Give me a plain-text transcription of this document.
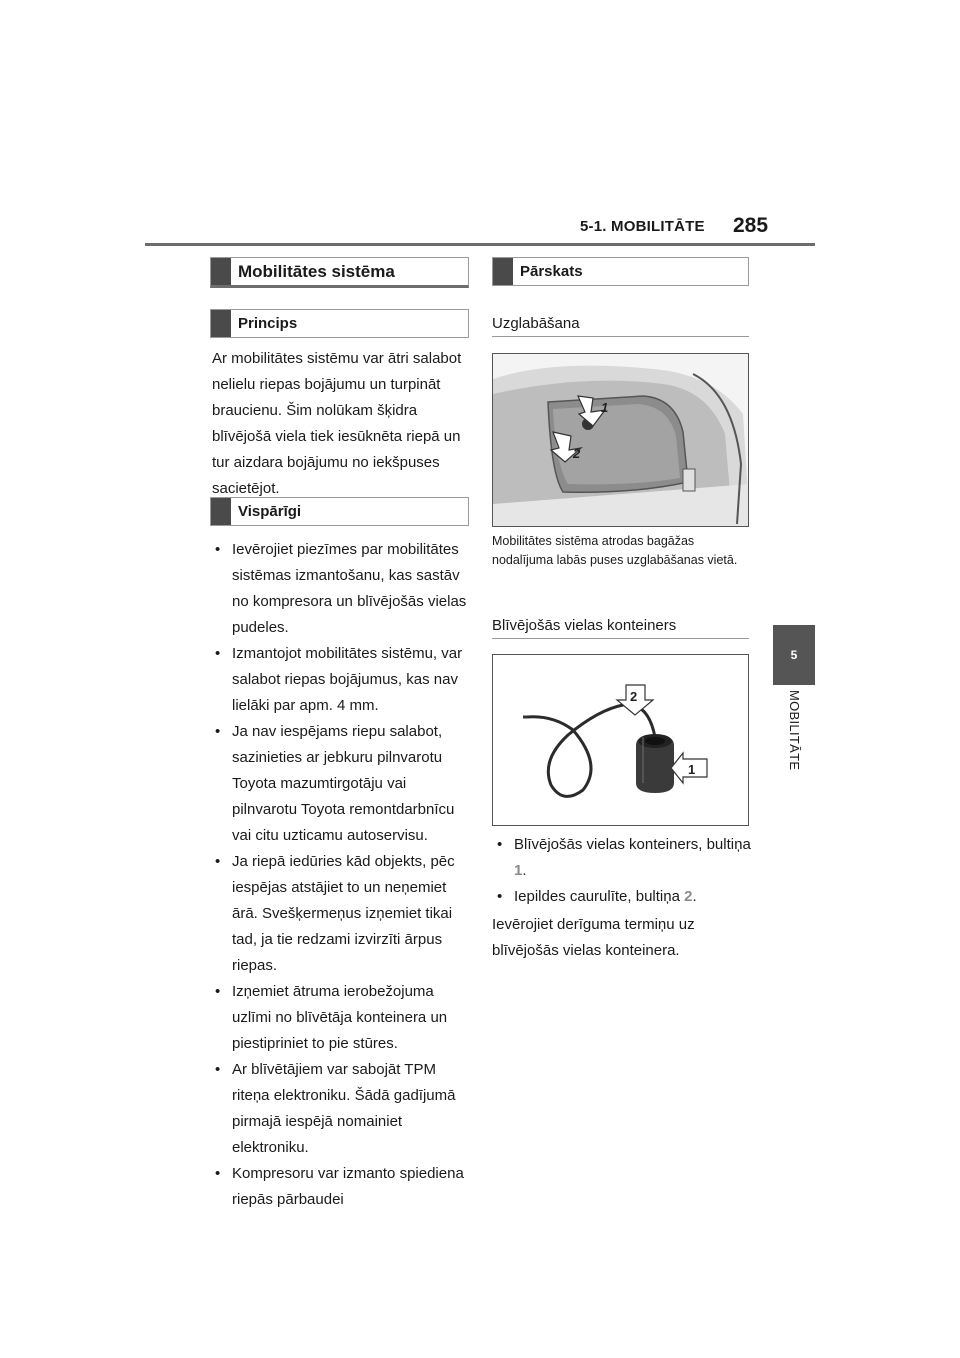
5-1. MOBILITĀTE 285
5
MOBILITĀTE
Mobilitātes sistēma
Princips
Ar mobilitātes sistēmu var ātri salabot nelielu riepas bojājumu un turpināt braucienu. Šim nolūkam šķidra blīvējošā viela tiek iesūknēta riepā un tur aizdara bojājumu no iekšpuses sacietējot.
Vispārīgi
• Ievērojiet piezīmes par mobilitātes sistēmas izmantošanu, kas sastāv no kompresora un blīvējošās vielas pudeles.
• Izmantojot mobilitātes sistēmu, var salabot riepas bojājumus, kas nav lielāki par apm. 4 mm.
• Ja nav iespējams riepu salabot, sazinieties ar jebkuru pilnvarotu Toyota mazumtirgotāju vai pilnvarotu Toyota remontdarbnīcu vai citu uzticamu autoservisu.
• Ja riepā iedūries kād objekts, pēc iespējas atstājiet to un neņemiet ārā. Svešķermeņus izņemiet tikai tad, ja tie redzami izvirzīti ārpus riepas.
• Izņemiet ātruma ierobežojuma uzlīmi no blīvētāja konteinera un piestipriniet to pie stūres.
• Ar blīvētājiem var sabojāt TPM riteņa elektroniku. Šādā gadījumā pirmajā iespējā nomainiet elektroniku.
• Kompresoru var izmanto spiediena riepās pārbaudei
Pārskats
Uzglabāšana
1
2
Mobilitātes sistēma atrodas bagāžas nodalījuma labās puses uzglabāšanas vietā.
Blīvējošās vielas konteiners
2
1
• Blīvējošās vielas konteiners, bultiņa 1.
• Iepildes caurulīte, bultiņa 2.
Ievērojiet derīguma termiņu uz blīvējošās vielas konteinera.
